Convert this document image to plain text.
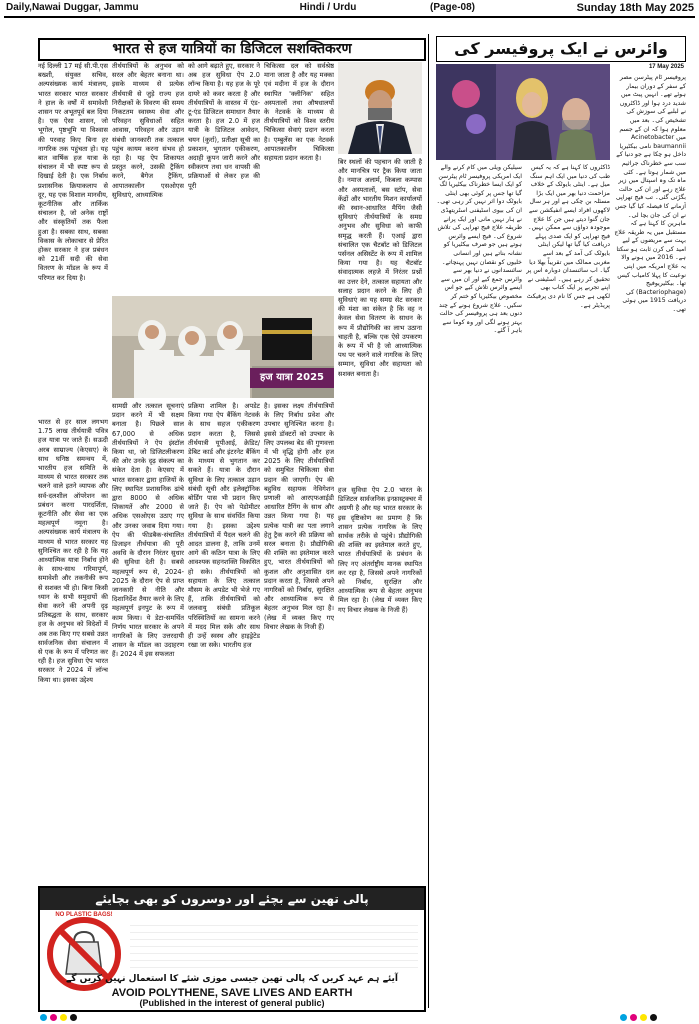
Daily,Nawai Duggar, Jammu	Hindi / Urdu	(Page-08)	Sunday 18th May 2025
भारत से हज यात्रियों का डिजिटल सशक्तिकरण
नई दिल्ली 17 मई सी.पी.एस बख्शी, संयुक्त सचिव, अल्पसंख्यक कार्य मंत्रालय, भारत सरकार भारत सरकार ने हाल के वर्षों में समावेशी शासन पर अभूतपूर्व बल दिया है। एक ऐसा शासन, जो भूगोल, पृष्ठभूमि या विश्वास की परवाह किए बिना हर नागरिक तक पहुंचता हो। यह बात वार्षिक हज यात्रा के संचालन में भी स्पष्ट रूप से दिखाई देती है। एक निर्बाध प्रशासनिक क्रियाकलाप से दूर, यह एक विशाल मानवीय, कूटनीतिक और तार्किक संचालन है, जो अनेक राष्ट्रों और संस्कृतियों तक फैला हुआ है। सबका साथ, सबका विकास के लोकाचार से प्रेरित होकर सरकार ने हज प्रबंधन को 21वीं सदी की सेवा वितरण के मॉडल के रूप में परिणत कर दिया है।
तीर्थयात्रियों के अनुभव को सरल और बेहतर बनाना था। इसके माध्यम से प्रत्येक तीर्थयात्री से जुड़े राज्य हज निरीक्षकों के विवरण की समय निकटतम स्वास्थ्य सेवा और परिवहन सुविधाओं सहित आवास, परिवहन और उड़ान संबंधी जानकारी तक तत्काल पहुंच कायम करना संभव हो रहा है। यह ऐप शिकायत प्रस्तुत करने, उसकी ट्रैकिंग करने, बैगेज ट्रैकिंग, आपातकालीन एसओएस सुविधाएं, आध्यात्मिक
को आगे बढ़ाते हुए, सरकार ने अब हज सुविधा ऐप 2.0 लॉन्च किया है। यह हज के पूरे दायरे को कवर करता है और तीर्थयात्रियों के वास्तव में एंड-टू-एंड डिजिटल समाधान तैयार करता है। हज 2.0 में हज यात्री के डिजिटल आवेदन, चयन (कुर्रा), प्रतीक्षा सूची का प्रकाशन, भुगतान एकीकरण, अदाही कूपन जारी करने और स्वीकरण तथा धन वापसी की प्रक्रियाओं से लेकर हज की पूरी
चिकित्सा दल को सर्वश्रेष्ठ माना जाता है और यह मक्का एवं मदीना में हज के दौरान स्थापित 'क्लीनिक' सहित अस्पतालों तथा औषधालयों के नेटवर्क के माध्यम से तीर्थयात्रियों को विश्व स्तरीय चिकित्सा सेवाएं प्रदान करता है। एम्बुलेंस का एक नेटवर्क आपातकालीन चिकित्सा सहायता प्रदान करता है।	बिर स्थलों की पहचान की जाती है और मानचित्र पर ट्रैक किया जाता है। नमाज अलार्म, किबला कम्पास और अस्पतालों, बस स्टॉप, सेवा केंद्रों और भारतीय मिशन कार्यालयों की स्थान-आधारित मैपिंग जैसी सुविधाएं तीर्थयात्रियों के समग्र अनुभव और सुविधा को काफी समृद्ध करती हैं। एआई द्वारा संचालित एक चैटबॉट को डिजिटल पर्सनल असिस्टेंट के रूप में शामिल किया गया है। यह चैटबॉट संवादात्मक लहजे में निरंतर प्रश्नों का उत्तर देने, तत्काल सहायता और सलाह प्रदान करने के लिए ही सुविधाएं का यह समग्र सेट सरकार की मंशा का संकेत है कि वह न केवल सेवा वितरण के साधन के रूप में प्रौद्योगिकी का लाभ उठाना चाहती है, बल्कि एक ऐसे उपकरण के रूप में भी है जो आध्यात्मिक पथ पर चलने वाले नागरिक के लिए सम्मान, सुविधा और सहायता को सशक्त बनाता है।
हज यात्रा 2025
भारत से हर साल लगभग 1.75 लाख तीर्थयात्री पवित्र हज यात्रा पर जाते हैं। सऊदी अरब साम्राज्य (केएसए) के साथ घनिष्ठ समन्वय में, भारतीय हज समिति के माध्यम से भारत सरकार तक चलने वाले इतने व्यापक और सर्व-दलशील ऑपरेशन का प्रबंधन करना पारदर्शिता, कूटनीति और सेवा का एक महत्वपूर्ण नमूना है। अल्पसंख्यक कार्य मंत्रालय के माध्यम से भारत सरकार यह सुनिश्चित कर रही है कि यह आध्यात्मिक यात्रा निर्बाध होने के साथ-साथ गरिमापूर्ण, समावेशी और तकनीकी रूप से सशक्त भी हो। बिना किसी ध्यान के सभी समुदायों की सेवा करने की अपनी दृढ़ प्रतिबद्धता के साथ, सरकार हज के अनुभव को विदेशों में अब तक किए गए सबसे उन्नत सार्वजनिक सेवा संचालन में से एक के रूप में परिणत कर रही है। हज सुविधा ऐप भारत सरकार ने 2024 में लॉन्च किया था। इसका उद्देश्य
सामग्री और तत्काल सूचनाएं प्रदान करने में भी सक्षम बनाता है। पिछले साल 67,000 से अधिक तीर्थयात्रियों ने ऐप इंस्टॉल किया था, जो डिजिटलीकरण की ओर उनके दृढ़ संकल्प का संकेत देता है। केएसए में भारत सरकार द्वारा हाजियों के लिए स्थापित प्रशासनिक ढांचे द्वारा 8000 से अधिक शिकायतें और 2000 से अधिक एसओएस उठाए गए और उनका जवाब दिया गया। ऐप की फीडबैक-संचालित डिजाइन तीर्थयात्रा की पूरी अवधि के दौरान निरंतर सुधार की सुविधा देती है। सबसे महत्वपूर्ण रूप से, 2024-2025 के दौरान ऐप से प्राप्त जानकारी से नीति और दिशानिर्देश तैयार करने के लिए महत्वपूर्ण इनपुट के रूप में काम किया। ये डेटा-समर्थित निर्णय भारत सरकार के अपने नागरिकों के लिए उत्तरदायी शासन के मॉडल का उदाहरण हैं। 2024 में इस सफलता
प्रक्रिया शामिल है। अपडेट किया गया ऐप बैंकिंग नेटवर्क के साथ सहज एकीकरण प्रदान करता है, जिससे तीर्थयात्री यूपीआई, क्रेडिट/डेबिट कार्ड और इंटरनेट बैंकिंग के माध्यम से भुगतान कर सकते हैं। यात्रा के दौरान सुविधा के लिए तत्काल उड़ान संबंधी सूची और इलेक्ट्रॉनिक बोर्डिंग पास भी प्रदान किए जाते हैं। ऐप को पेडोमीटर सुविधा के साथ संवर्धित किया गया है। इसका उद्देश्य तीर्थयात्रियों में पैदल चलने की आदत डालना है, ताकि उनमें आगे की कठिन यात्रा के लिए आवश्यक सहनशक्ति विकसित हो सके। तीर्थयात्रियों को सहायता के लिए तत्काल मौसम के अपडेट भी भेजे गए हैं, ताकि तीर्थयात्रियों को जलवायु संबंधी प्रतिकूल परिस्थितियों का सामना करने में मदद मिल सके और साथ ही उन्हें स्वस्थ और हाइड्रेटेड रखा जा सके। भारतीय हज
है। इसका लक्ष्य तीर्थयात्रियों के लिए निर्बाध प्रवेश और उपचार सुनिश्चित करना है। इससे डॉक्टरों को उपचार के लिए उपलब्ध बेड की गुणवत्ता में भी वृद्धि होगी और हज 2025 के लिए तीर्थयात्रियों को समुचित चिकित्सा सेवा प्रदान की जाएगी। ऐप की बहुविध सहायक नेविगेशन प्रणाली को आरएफआईडी आधारित टैगिंग के साथ और उन्नत किया गया है। यह प्रत्येक यात्री का पता लगाने हेतु ट्रैक करने की प्रक्रिया को सरल बनाता है। प्रौद्योगिकी की शक्ति का इस्तेमाल करते हुए, भारत तीर्थयात्रियों को कुशल और अनुशासित दल प्रदान करता है, जिससे अपने नागरिकों को निर्बाध, सुरक्षित और आध्यात्मिक रूप से बेहतर अनुभव मिल रहा है। (लेख में व्यक्त किए गए विचार लेखक के निजी हैं)
हज सुविधा ऐप 2.0 भारत के डिजिटल सार्वजनिक इन्फ्रास्ट्रक्चर में अग्रणी है और यह भारत सरकार के इस दृष्टिकोण का प्रमाण है कि शासन प्रत्येक नागरिक के लिए सार्थक तरीके से पहुंचे। प्रौद्योगिकी की शक्ति का इस्तेमाल करते हुए, भारत तीर्थयात्रियों के प्रबंधन के लिए नए अंतर्राष्ट्रीय मानक स्थापित कर रहा है, जिससे अपने नागरिकों को निर्बाध, सुरक्षित और आध्यात्मिक रूप से बेहतर अनुभव मिल रहा है। (लेख में व्यक्त किए गए विचार लेखक के निजी हैं)
پالی تھین سے بچئے اور دوسروں کو بھی بچایئے
NO PLASTIC BAGS!
آیئے ہم عہد کریں کہ پالی تھین جیسی موزی شئے کا استعمال نہیں کریں گے
AVOID POLYTHENE, SAVE LIVES AND EARTH
(Published in the interest of general public)
وائرس نے ایک پروفیسر کی
17 May 2025
پروفیسر ٹام پیٹرسن مصر کے سفر کے دوران بیمار ہوئے تھے۔ انہیں پیٹ میں شدید درد ہوا اور ڈاکٹروں نے لبلبے کی سوزش کی تشخیص کی۔ بعد میں معلوم ہوا کہ ان کے جسم میں Acinetobacter baumannii نامی بیکٹیریا داخل ہو چکا ہے جو دنیا کے سب سے خطرناک جراثیم میں شمار ہوتا ہے۔ کئی ماہ تک وہ اسپتال میں زیر علاج رہے اور ان کی حالت بگڑتی گئی۔ تب فیج تھراپی آزمانے کا فیصلہ کیا گیا جس نے ان کی جان بچا لی۔ ماہرین کا کہنا ہے کہ مستقبل میں یہ طریقہ علاج بہت سے مریضوں کے لیے امید کی کرن ثابت ہو سکتا ہے۔ 2016 میں ہونے والا یہ علاج امریکہ میں اپنی نوعیت کا پہلا کامیاب کیس تھا۔ بیکٹیریوفیج (Bacteriophage) کی دریافت 1915 میں ہوئی تھی۔
ڈاکٹروں کا کہنا ہے کہ یہ کیس طب کی دنیا میں ایک اہم سنگ میل ہے۔ اینٹی بایوٹک کے خلاف مزاحمت دنیا بھر میں ایک بڑا مسئلہ بن چکی ہے اور ہر سال لاکھوں افراد ایسے انفیکشن سے جان گنوا دیتے ہیں جن کا علاج موجودہ دواؤں سے ممکن نہیں۔ فیج تھراپی کو ایک صدی پہلے دریافت کیا گیا تھا لیکن اینٹی بایوٹک کی آمد کے بعد اسے مغربی ممالک میں تقریباً بھلا دیا گیا۔ اب سائنسدان دوبارہ اس پر تحقیق کر رہے ہیں۔ اسٹیفنی نے اپنے تجربے پر ایک کتاب بھی لکھی ہے جس کا نام دی پرفیکٹ پریڈیٹر ہے۔
سیلیکن ویلی میں کام کرنے والے ایک امریکی پروفیسر ٹام پیٹرسن کو ایک ایسا خطرناک بیکٹیریا لگ گیا تھا جس پر کوئی بھی اینٹی بایوٹک دوا اثر نہیں کر رہی تھی۔ ان کی بیوی اسٹیفنی اسٹریتھڈی نے ہار نہیں مانی اور ایک پرانے طریقہ علاج فیج تھراپی کی تلاش شروع کی۔ فیج ایسے وائرس ہوتے ہیں جو صرف بیکٹیریا کو نشانہ بناتے ہیں اور انسانی خلیوں کو نقصان نہیں پہنچاتے۔ سائنسدانوں نے دنیا بھر سے وائرس جمع کیے اور ان میں سے ایسے وائرس تلاش کیے جو اس مخصوص بیکٹیریا کو ختم کر سکیں۔ علاج شروع ہونے کے چند دنوں بعد ہی پروفیسر کی حالت بہتر ہونے لگی اور وہ کوما سے باہر آ گئے۔
